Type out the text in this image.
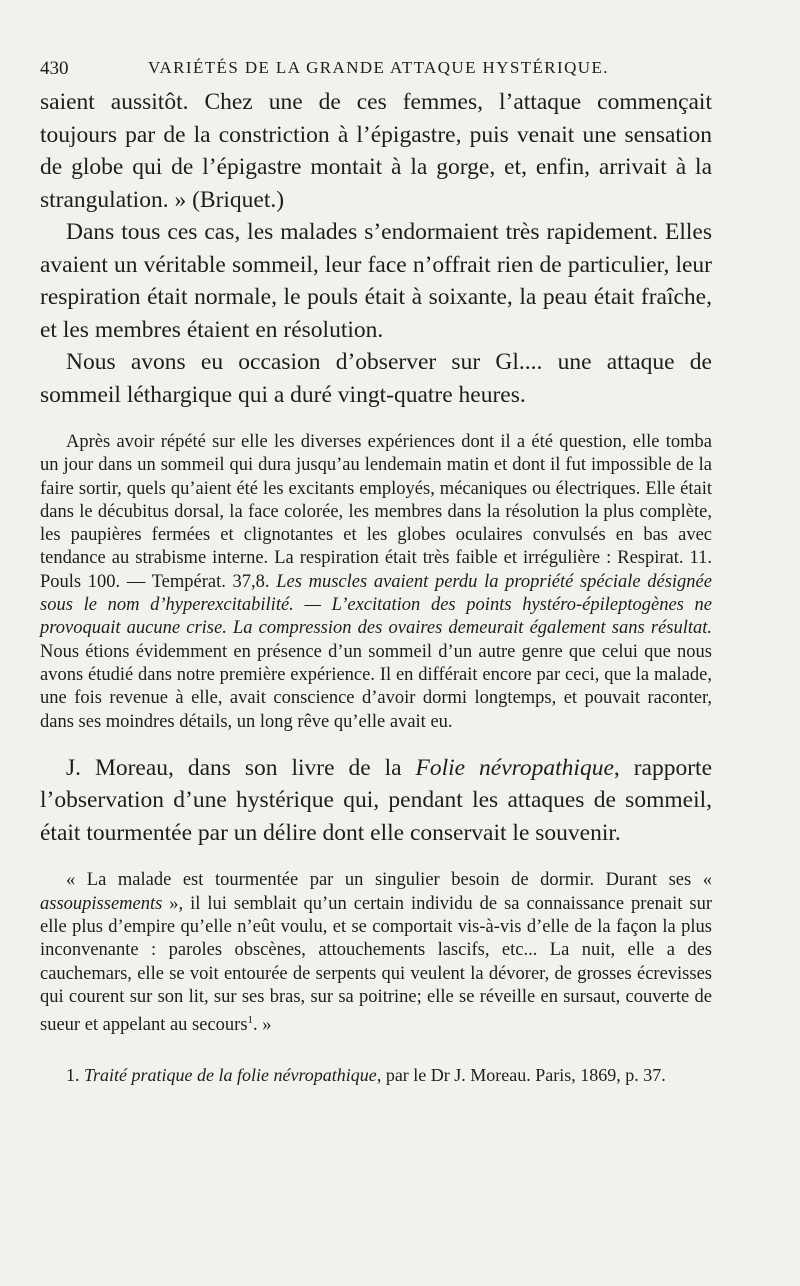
430	VARIÉTÉS DE LA GRANDE ATTAQUE HYSTÉRIQUE.

saient aussitôt. Chez une de ces femmes, l’attaque commençait toujours par de la constriction à l’épigastre, puis venait une sensation de globe qui de l’épigastre montait à la gorge, et, enfin, arrivait à la strangulation. » (Briquet.)

Dans tous ces cas, les malades s’endormaient très rapidement. Elles avaient un véritable sommeil, leur face n’offrait rien de particulier, leur respiration était normale, le pouls était à soixante, la peau était fraîche, et les membres étaient en résolution.

Nous avons eu occasion d’observer sur Gl.... une attaque de sommeil léthargique qui a duré vingt-quatre heures.

Après avoir répété sur elle les diverses expériences dont il a été question, elle tomba un jour dans un sommeil qui dura jusqu’au lendemain matin et dont il fut impossible de la faire sortir, quels qu’aient été les excitants employés, mécaniques ou électriques. Elle était dans le décubitus dorsal, la face colorée, les membres dans la résolution la plus complète, les paupières fermées et clignotantes et les globes oculaires convulsés en bas avec tendance au strabisme interne. La respiration était très faible et irrégulière : Respirat. 11. Pouls 100. — Températ. 37,8. Les muscles avaient perdu la propriété spéciale désignée sous le nom d’hyperexcitabilité. — L’excitation des points hystéro-épileptogènes ne provoquait aucune crise. La compression des ovaires demeurait également sans résultat. Nous étions évidemment en présence d’un sommeil d’un autre genre que celui que nous avons étudié dans notre première expérience. Il en différait encore par ceci, que la malade, une fois revenue à elle, avait conscience d’avoir dormi longtemps, et pouvait raconter, dans ses moindres détails, un long rêve qu’elle avait eu.

J. Moreau, dans son livre de la Folie névropathique, rapporte l’observation d’une hystérique qui, pendant les attaques de sommeil, était tourmentée par un délire dont elle conservait le souvenir.

« La malade est tourmentée par un singulier besoin de dormir. Durant ses « assoupissements », il lui semblait qu’un certain individu de sa connaissance prenait sur elle plus d’empire qu’elle n’eût voulu, et se comportait vis-à-vis d’elle de la façon la plus inconvenante : paroles obscènes, attouchements lascifs, etc... La nuit, elle a des cauchemars, elle se voit entourée de serpents qui veulent la dévorer, de grosses écrevisses qui courent sur son lit, sur ses bras, sur sa poitrine; elle se réveille en sursaut, couverte de sueur et appelant au secours$^1$. »

1. Traité pratique de la folie névropathique, par le Dr J. Moreau. Paris, 1869, p. 37.
